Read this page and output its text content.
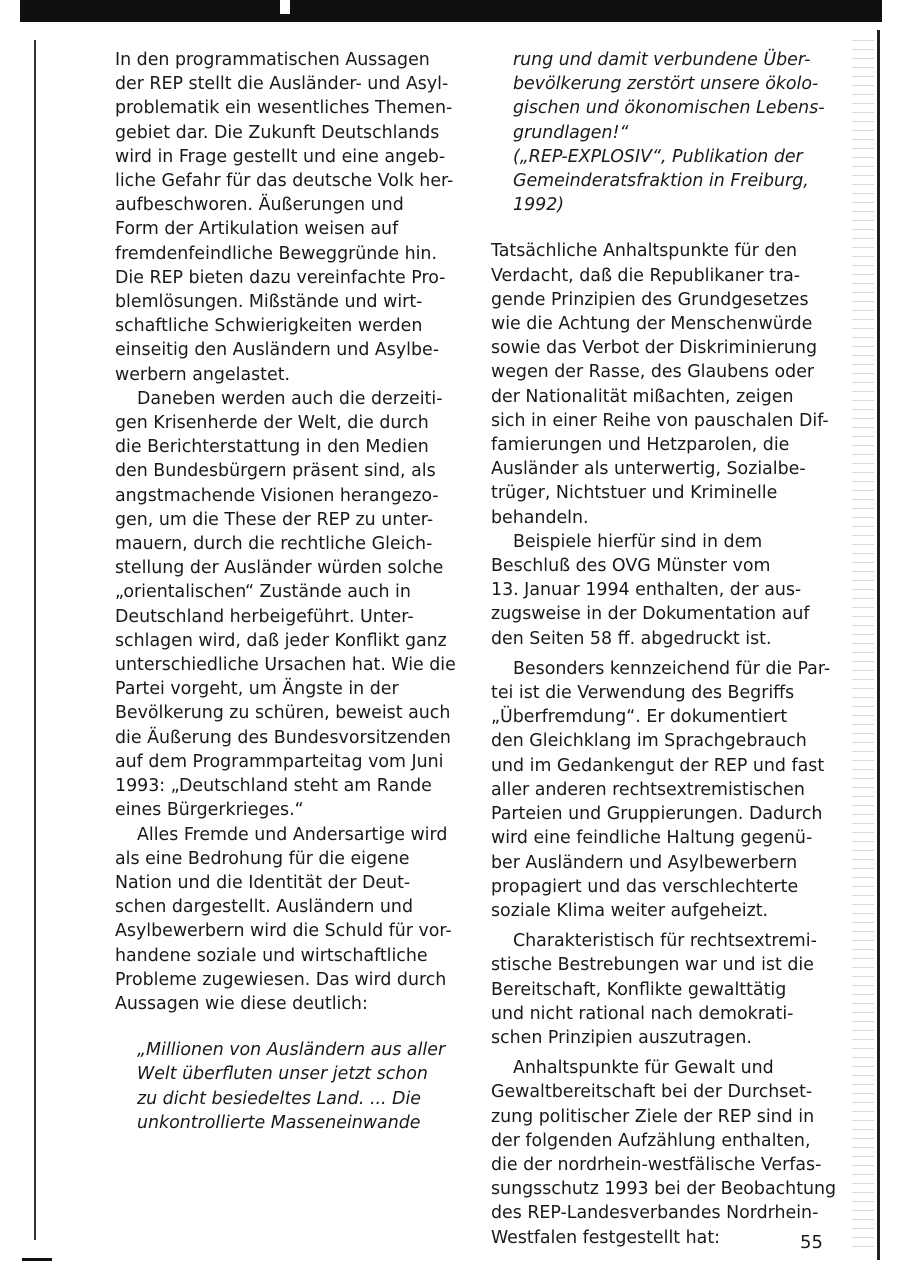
In den programmatischen Aussagen
der REP stellt die Ausländer- und Asyl-
problematik ein wesentliches Themen-
gebiet dar. Die Zukunft Deutschlands
wird in Frage gestellt und eine angeb-
liche Gefahr für das deutsche Volk her-
aufbeschworen. Äußerungen und
Form der Artikulation weisen auf
fremdenfeindliche Beweggründe hin.
Die REP bieten dazu vereinfachte Pro-
blemlösungen. Mißstände und wirt-
schaftliche Schwierigkeiten werden
einseitig den Ausländern und Asylbe-
werbern angelastet.
Daneben werden auch die derzeiti-
gen Krisenherde der Welt, die durch
die Berichterstattung in den Medien
den Bundesbürgern präsent sind, als
angstmachende Visionen herangezo-
gen, um die These der REP zu unter-
mauern, durch die rechtliche Gleich-
stellung der Ausländer würden solche
„orientalischen“ Zustände auch in
Deutschland herbeigeführt. Unter-
schlagen wird, daß jeder Konflikt ganz
unterschiedliche Ursachen hat. Wie die
Partei vorgeht, um Ängste in der
Bevölkerung zu schüren, beweist auch
die Äußerung des Bundesvorsitzenden
auf dem Programmparteitag vom Juni
1993: „Deutschland steht am Rande
eines Bürgerkrieges.“
Alles Fremde und Andersartige wird
als eine Bedrohung für die eigene
Nation und die Identität der Deut-
schen dargestellt. Ausländern und
Asylbewerbern wird die Schuld für vor-
handene soziale und wirtschaftliche
Probleme zugewiesen. Das wird durch
Aussagen wie diese deutlich:
„Millionen von Ausländern aus aller
Welt überfluten unser jetzt schon
zu dicht besiedeltes Land. ... Die
unkontrollierte Masseneinwande
rung und damit verbundene Über-
bevölkerung zerstört unsere ökolo-
gischen und ökonomischen Lebens-
grundlagen!“
(„REP-EXPLOSIV“, Publikation der
Gemeinderatsfraktion in Freiburg,
1992)
Tatsächliche Anhaltspunkte für den
Verdacht, daß die Republikaner tra-
gende Prinzipien des Grundgesetzes
wie die Achtung der Menschenwürde
sowie das Verbot der Diskriminierung
wegen der Rasse, des Glaubens oder
der Nationalität mißachten, zeigen
sich in einer Reihe von pauschalen Dif-
famierungen und Hetzparolen, die
Ausländer als unterwertig, Sozialbe-
trüger, Nichtstuer und Kriminelle
behandeln.
Beispiele hierfür sind in dem
Beschluß des OVG Münster vom
13. Januar 1994 enthalten, der aus-
zugsweise in der Dokumentation auf
den Seiten 58 ff. abgedruckt ist.
Besonders kennzeichend für die Par-
tei ist die Verwendung des Begriffs
„Überfremdung“. Er dokumentiert
den Gleichklang im Sprachgebrauch
und im Gedankengut der REP und fast
aller anderen rechtsextremistischen
Parteien und Gruppierungen. Dadurch
wird eine feindliche Haltung gegenü-
ber Ausländern und Asylbewerbern
propagiert und das verschlechterte
soziale Klima weiter aufgeheizt.
Charakteristisch für rechtsextremi-
stische Bestrebungen war und ist die
Bereitschaft, Konflikte gewalttätig
und nicht rational nach demokrati-
schen Prinzipien auszutragen.
Anhaltspunkte für Gewalt und
Gewaltbereitschaft bei der Durchset-
zung politischer Ziele der REP sind in
der folgenden Aufzählung enthalten,
die der nordrhein-westfälische Verfas-
sungsschutz 1993 bei der Beobachtung
des REP-Landesverbandes Nordrhein-
Westfalen festgestellt hat:	55
